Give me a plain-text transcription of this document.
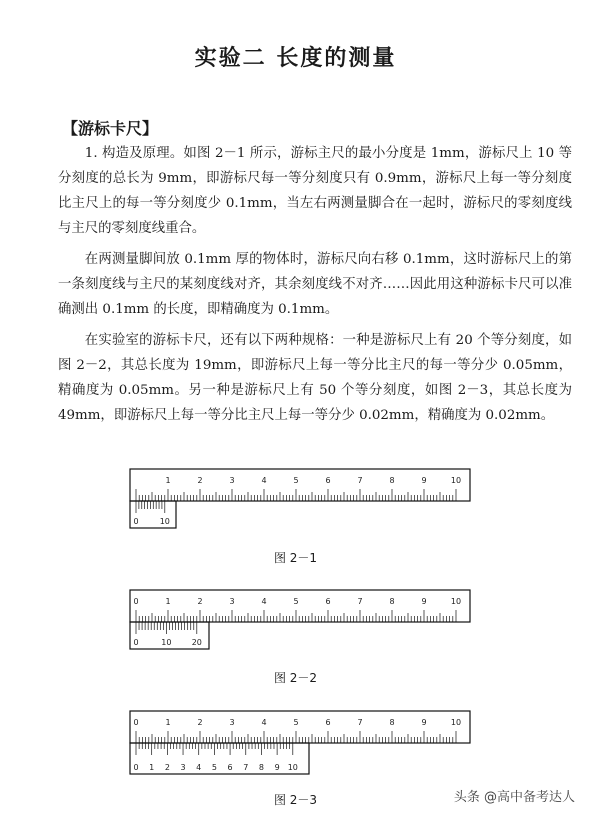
实验二 长度的测量
【游标卡尺】

1. 构造及原理。如图 2－1 所示，游标主尺的最小分度是 1mm，游标尺上 10 等分刻度的总长为 9mm，即游标尺每一等分刻度只有 0.9mm，游标尺上每一等分刻度比主尺上的每一等分刻度少 0.1mm，当左右两测量脚合在一起时，游标尺的零刻度线与主尺的零刻度线重合。

在两测量脚间放 0.1mm 厚的物体时，游标尺向右移 0.1mm，这时游标尺上的第一条刻度线与主尺的某刻度线对齐，其余刻度线不对齐……因此用这种游标卡尺可以准确测出 0.1mm 的长度，即精确度为 0.1mm。

在实验室的游标卡尺，还有以下两种规格：一种是游标尺上有 20 个等分刻度，如图 2－2，其总长度为 19mm，即游标尺上每一等分比主尺的每一等分少 0.05mm，精确度为 0.05mm。另一种是游标尺上有 50 个等分刻度，如图 2－3，其总长度为 49mm，即游标尺上每一等分比主尺上每一等分少 0.02mm，精确度为 0.02mm。

1	2	3	4	5	6	7	8	9	10
0	10
图 2－1
0	1	2	3	4	5	6	7	8	9	10
0	10	20
图 2－2
0	1	2	3	4	5	6	7	8	9	10
0 1 2 3 4 5 6 7 8 9 10
图 2－3	头条 @高中备考达人
